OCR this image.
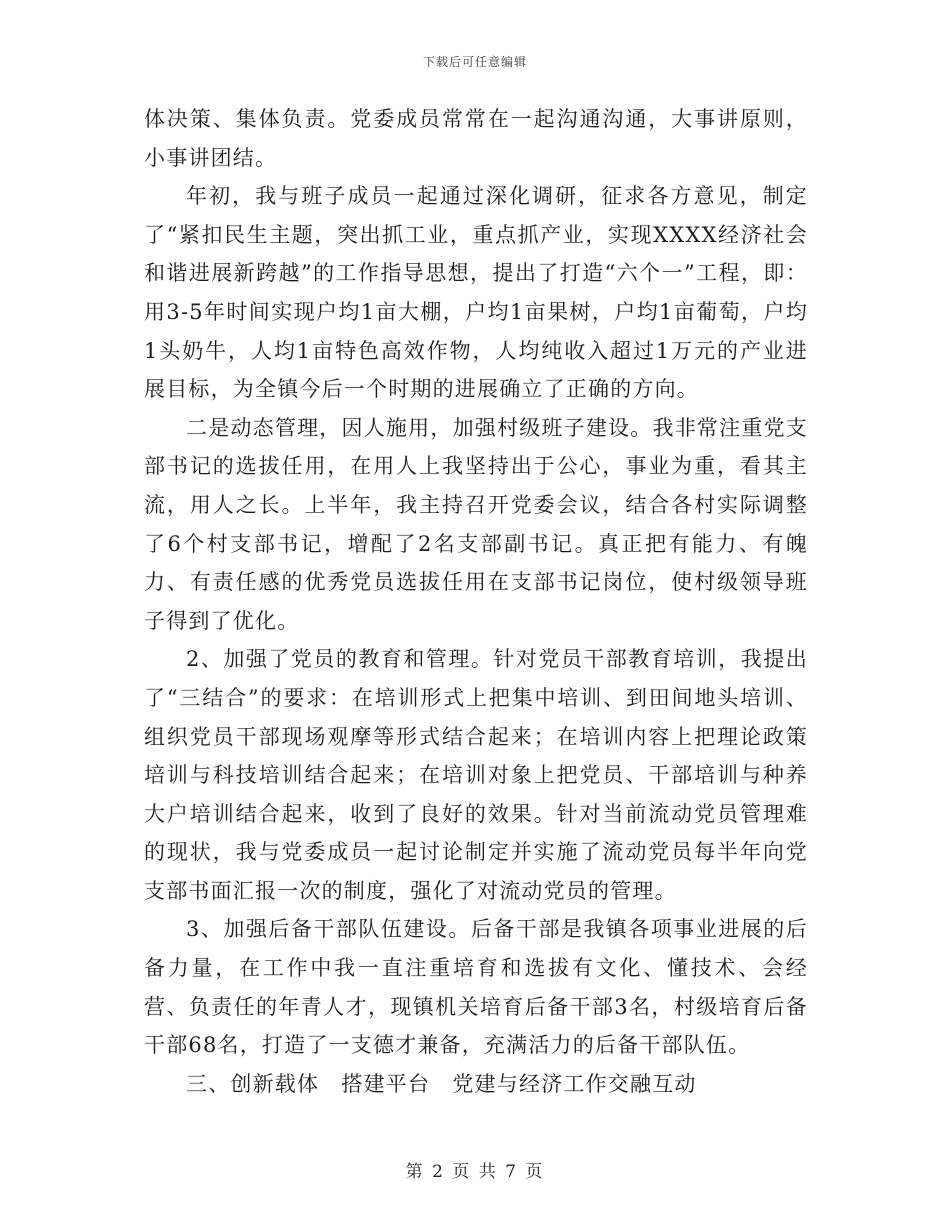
下载后可任意编辑

体决策、集体负责。党委成员常常在一起沟通沟通，大事讲原则，小事讲团结。

年初，我与班子成员一起通过深化调研，征求各方意见，制定了“紧扣民生主题，突出抓工业，重点抓产业，实现XXXX经济社会和谐进展新跨越”的工作指导思想，提出了打造“六个一”工程，即：用3-5年时间实现户均1亩大棚，户均1亩果树，户均1亩葡萄，户均1头奶牛，人均1亩特色高效作物，人均纯收入超过1万元的产业进展目标，为全镇今后一个时期的进展确立了正确的方向。

二是动态管理，因人施用，加强村级班子建设。我非常注重党支部书记的选拔任用，在用人上我坚持出于公心，事业为重，看其主流，用人之长。上半年，我主持召开党委会议，结合各村实际调整了6个村支部书记，增配了2名支部副书记。真正把有能力、有魄力、有责任感的优秀党员选拔任用在支部书记岗位，使村级领导班子得到了优化。

2、加强了党员的教育和管理。针对党员干部教育培训，我提出了“三结合”的要求：在培训形式上把集中培训、到田间地头培训、组织党员干部现场观摩等形式结合起来；在培训内容上把理论政策培训与科技培训结合起来；在培训对象上把党员、干部培训与种养大户培训结合起来，收到了良好的效果。针对当前流动党员管理难的现状，我与党委成员一起讨论制定并实施了流动党员每半年向党支部书面汇报一次的制度，强化了对流动党员的管理。

3、加强后备干部队伍建设。后备干部是我镇各项事业进展的后备力量，在工作中我一直注重培育和选拔有文化、懂技术、会经营、负责任的年青人才，现镇机关培育后备干部3名，村级培育后备干部68名，打造了一支德才兼备，充满活力的后备干部队伍。

三、创新载体　搭建平台　党建与经济工作交融互动

第 2 页 共 7 页
